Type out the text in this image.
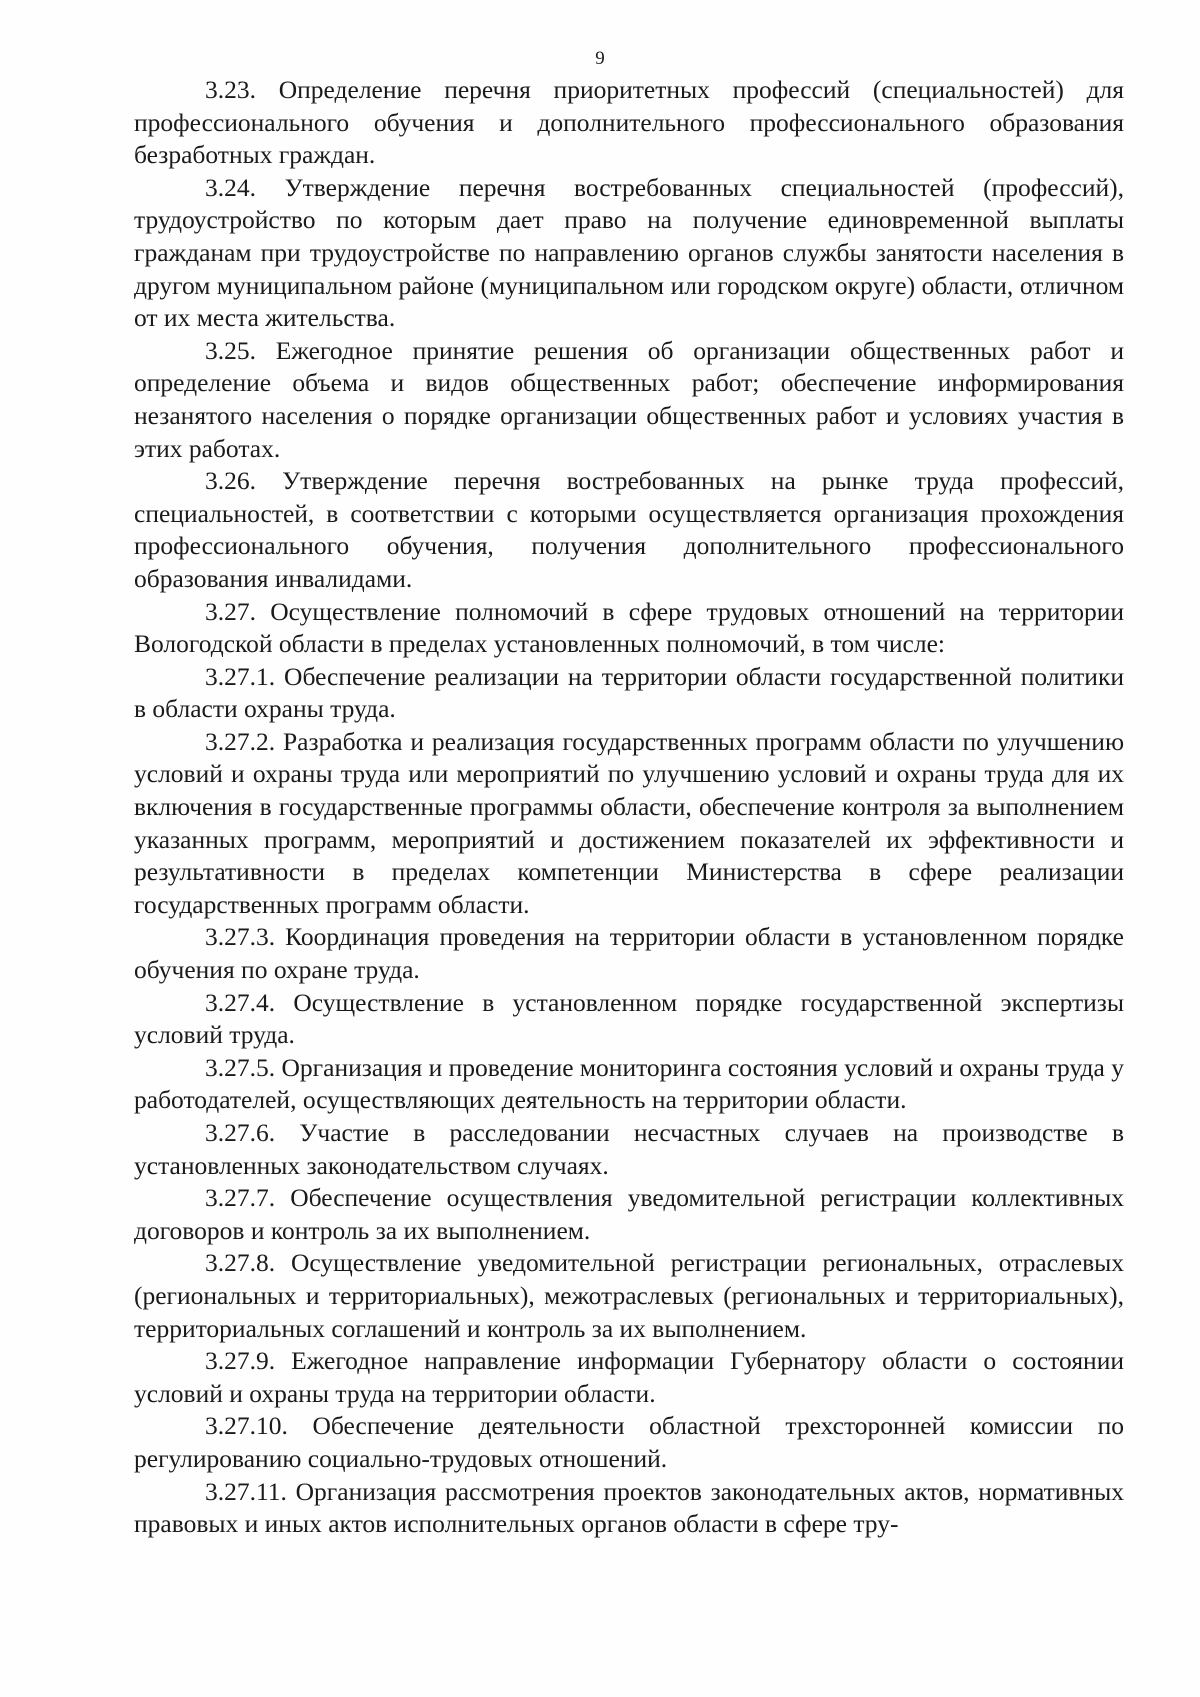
9

3.23. Определение перечня приоритетных профессий (специальностей) для профессионального обучения и дополнительного профессионального образования безработных граждан.

3.24. Утверждение перечня востребованных специальностей (профессий), трудоустройство по которым дает право на получение единовременной выплаты гражданам при трудоустройстве по направлению органов службы занятости населения в другом муниципальном районе (муниципальном или городском округе) области, отличном от их места жительства.

3.25. Ежегодное принятие решения об организации общественных работ и определение объема и видов общественных работ; обеспечение информирования незанятого населения о порядке организации общественных работ и условиях участия в этих работах.

3.26. Утверждение перечня востребованных на рынке труда профессий, специальностей, в соответствии с которыми осуществляется организация прохождения профессионального обучения, получения дополнительного профессионального образования инвалидами.

3.27. Осуществление полномочий в сфере трудовых отношений на территории Вологодской области в пределах установленных полномочий, в том числе:

3.27.1. Обеспечение реализации на территории области государственной политики в области охраны труда.

3.27.2. Разработка и реализация государственных программ области по улучшению условий и охраны труда или мероприятий по улучшению условий и охраны труда для их включения в государственные программы области, обеспечение контроля за выполнением указанных программ, мероприятий и достижением показателей их эффективности и результативности в пределах компетенции Министерства в сфере реализации государственных программ области.

3.27.3. Координация проведения на территории области в установленном порядке обучения по охране труда.

3.27.4. Осуществление в установленном порядке государственной экспертизы условий труда.

3.27.5. Организация и проведение мониторинга состояния условий и охраны труда у работодателей, осуществляющих деятельность на территории области.

3.27.6. Участие в расследовании несчастных случаев на производстве в установленных законодательством случаях.

3.27.7. Обеспечение осуществления уведомительной регистрации коллективных договоров и контроль за их выполнением.

3.27.8. Осуществление уведомительной регистрации региональных, отраслевых (региональных и территориальных), межотраслевых (региональных и территориальных), территориальных соглашений и контроль за их выполнением.

3.27.9. Ежегодное направление информации Губернатору области о состоянии условий и охраны труда на территории области.

3.27.10. Обеспечение деятельности областной трехсторонней комиссии по регулированию социально-трудовых отношений.

3.27.11. Организация рассмотрения проектов законодательных актов, нормативных правовых и иных актов исполнительных органов области в сфере тру-
